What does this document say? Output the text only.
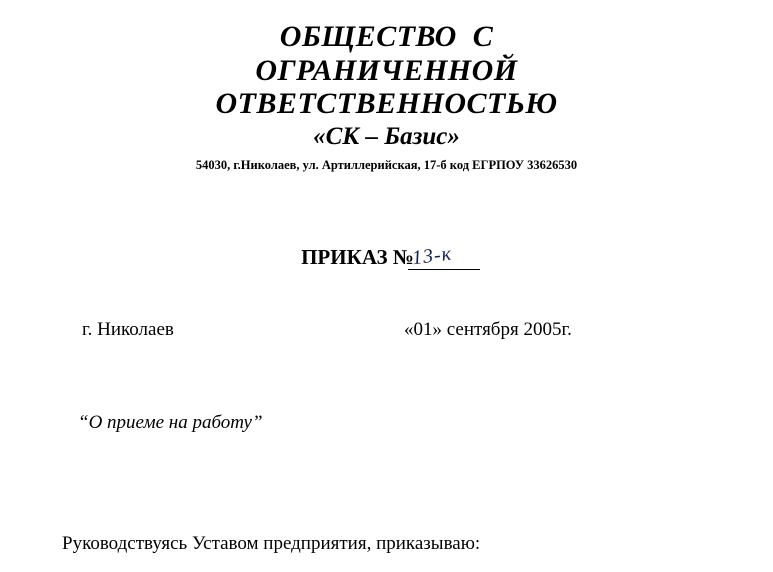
ОБЩЕСТВО  С
ОГРАНИЧЕННОЙ
ОТВЕТСТВЕННОСТЬЮ
«СК – Базис»
54030, г.Николаев, ул. Артиллерийская, 17-б код ЕГРПОУ 33626530
ПРИКАЗ №
13-к
г. Николаев	«01» сентября 2005г.
“О приеме на работу”
Руководствуясь Уставом предприятия, приказываю:
